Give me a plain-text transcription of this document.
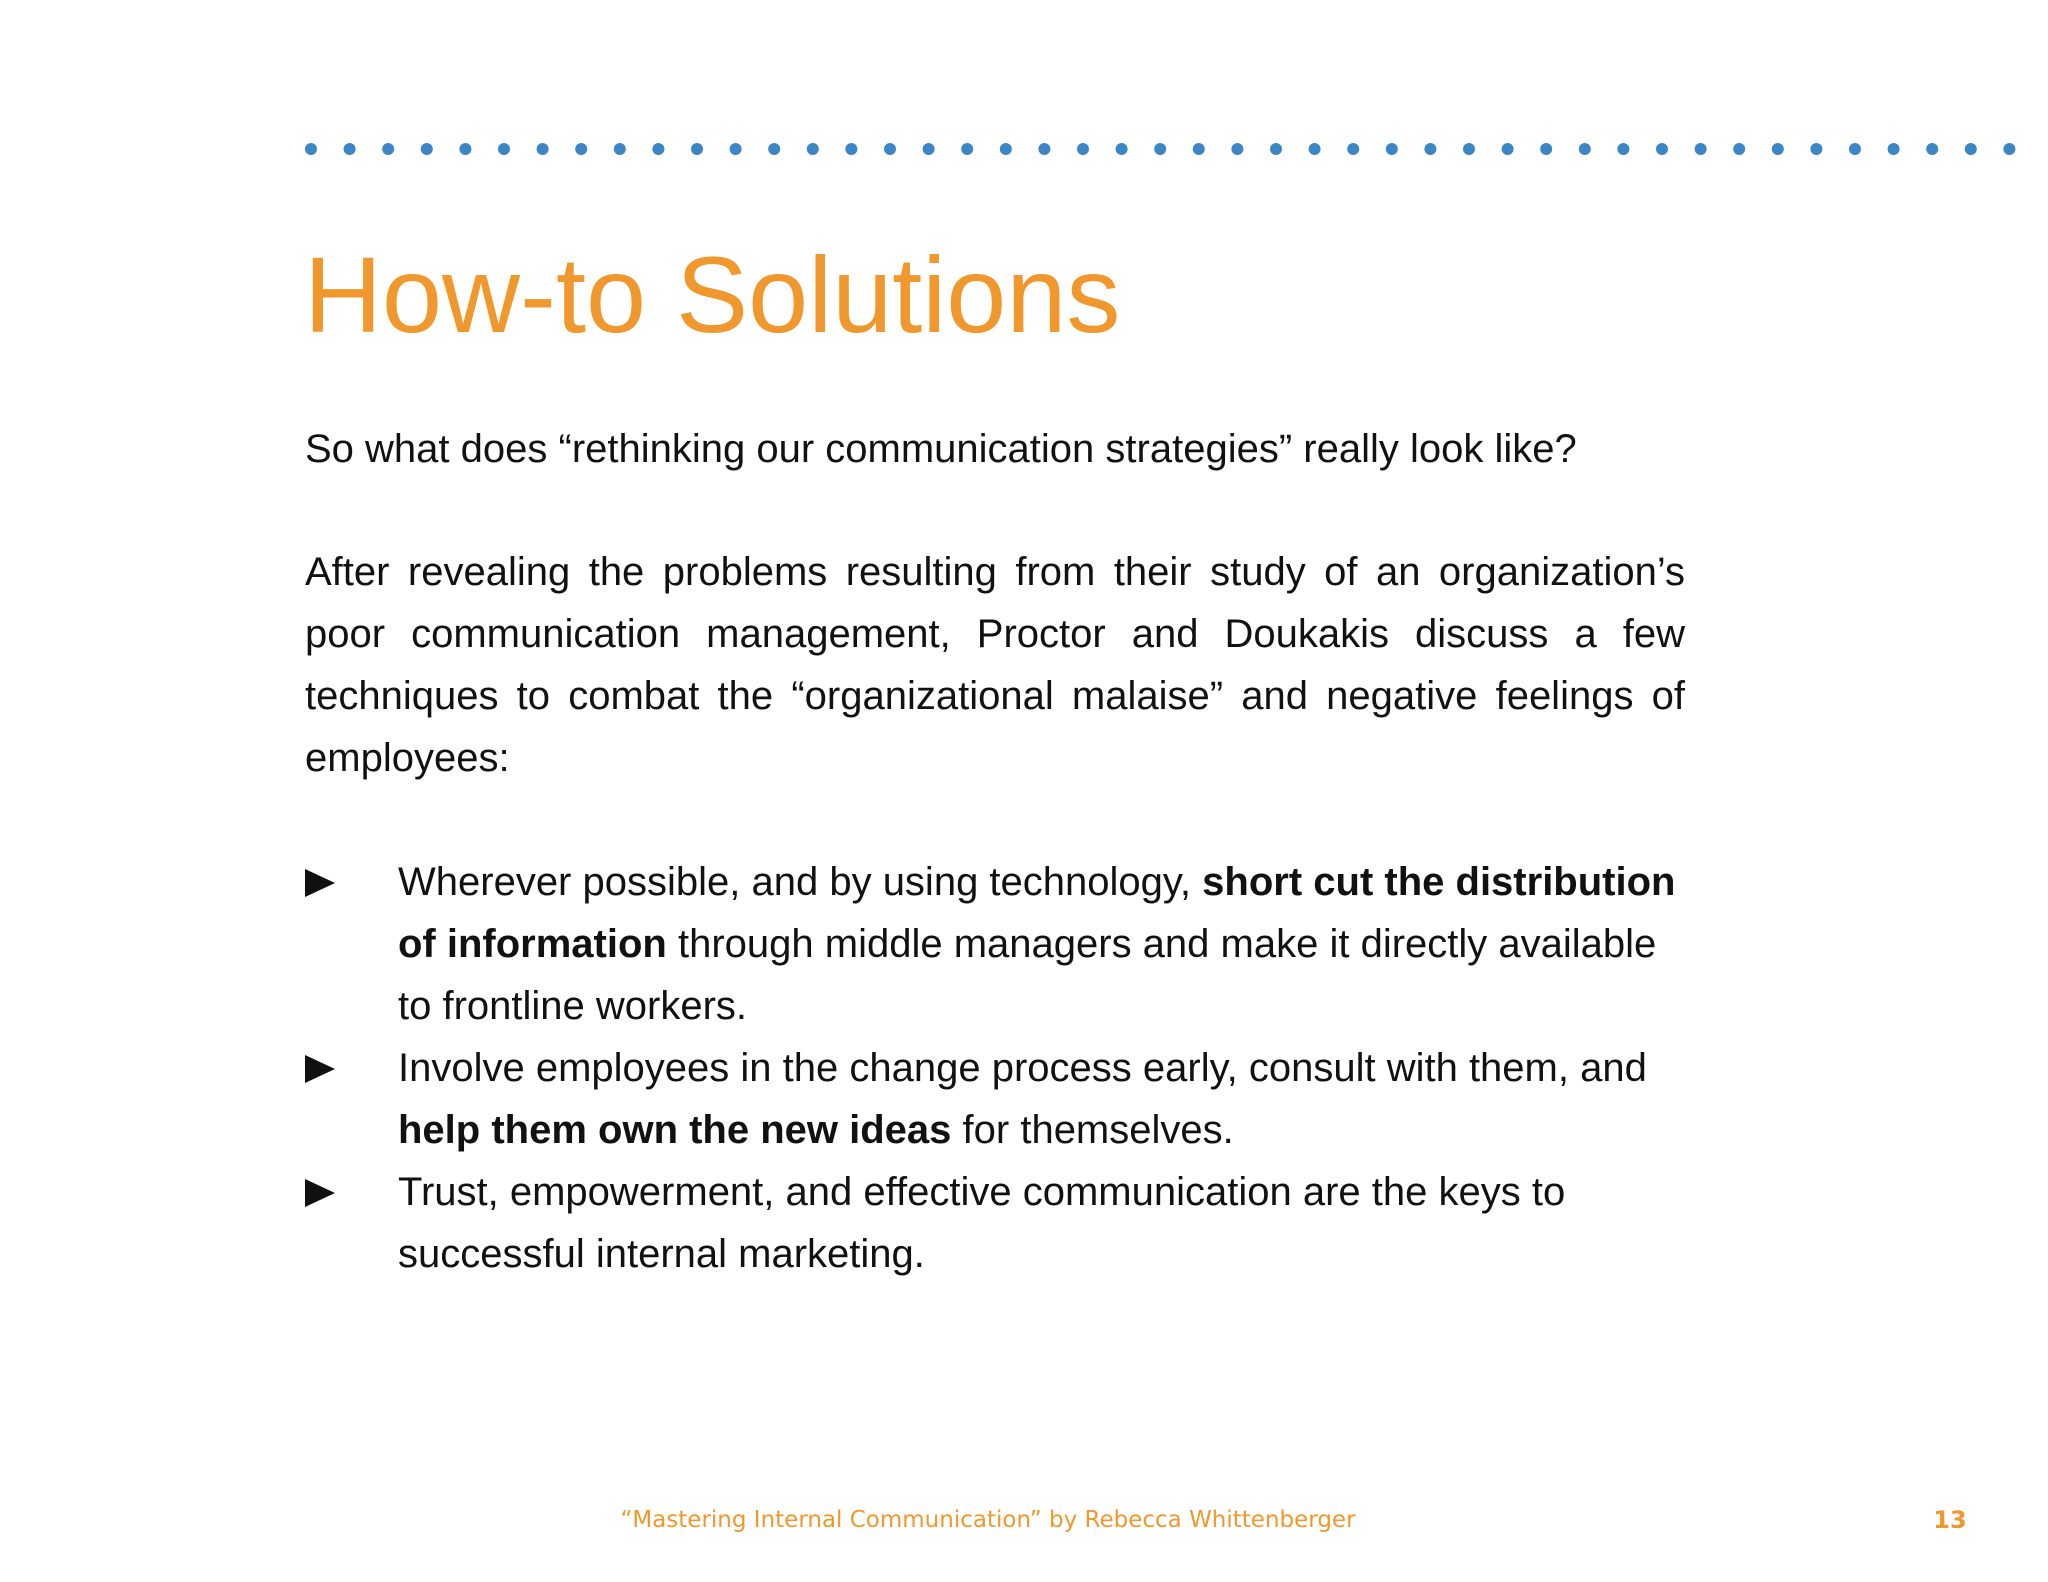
How-to Solutions

So what does “rethinking our communication strategies” really look like?

After revealing the problems resulting from their study of an organization’s poor communication management, Proctor and Doukakis discuss a few techniques to combat the “organizational malaise” and negative feelings of employees:

Wherever possible, and by using technology, short cut the distribution of information through middle managers and make it directly available to frontline workers.
Involve employees in the change process early, consult with them, and help them own the new ideas for themselves.
Trust, empowerment, and effective communication are the keys to successful internal marketing.
“Mastering Internal Communication” by Rebecca Whittenberger	13
